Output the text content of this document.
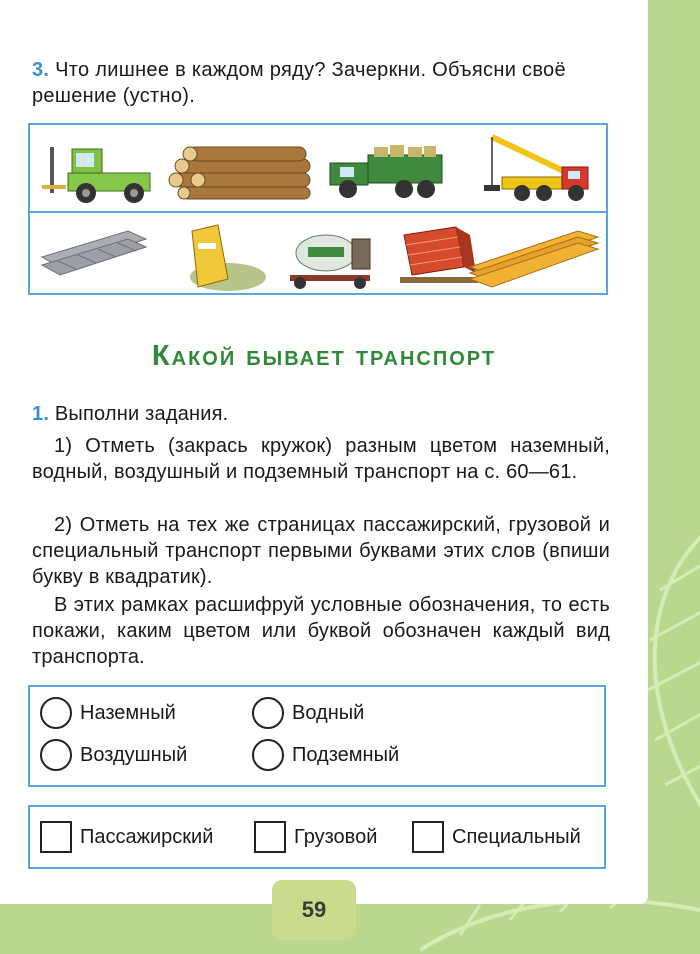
3. Что лишнее в каждом ряду? Зачеркни. Объясни своё решение (устно).
Какой бывает транспорт
1. Выполни задания.
1) Отметь (закрась кружок) разным цветом наземный, водный, воздушный и подземный транспорт на с. 60—61.
2) Отметь на тех же страницах пассажирский, грузовой и специальный транспорт первыми буквами этих слов (впиши букву в квадратик).
В этих рамках расшифруй условные обозначения, то есть покажи, каким цветом или буквой обозначен каждый вид транспорта.
Наземный	Водный
Воздушный	Подземный
Пассажирский	Грузовой	Специальный
59
